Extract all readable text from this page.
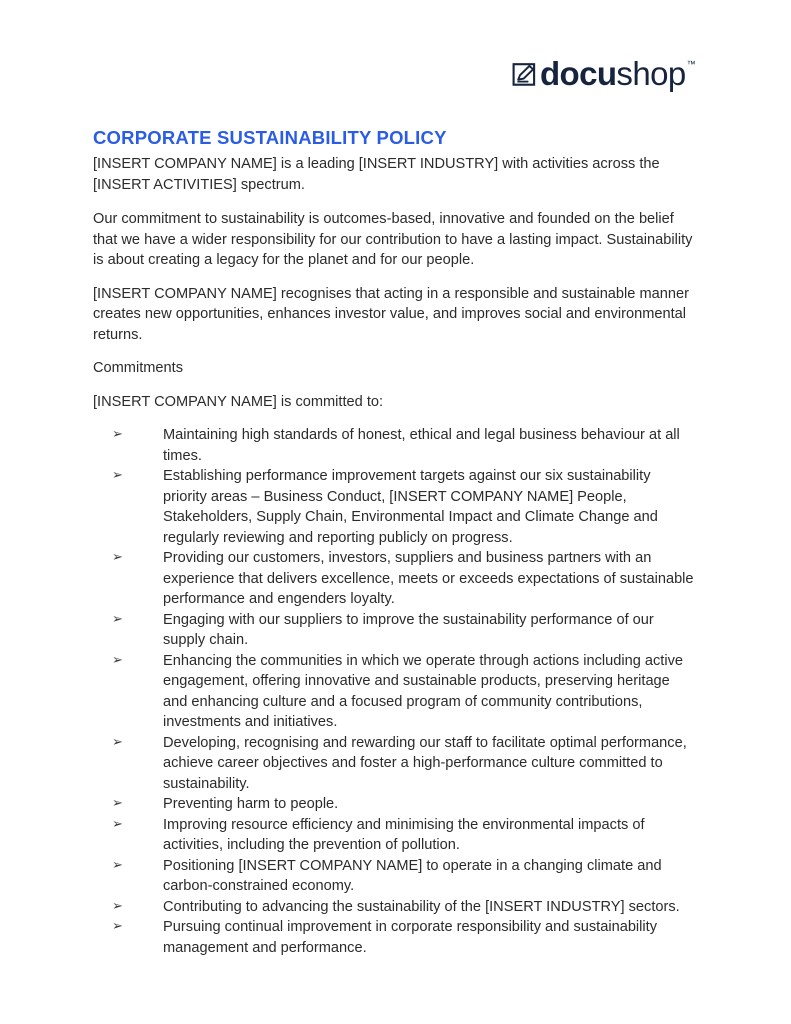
docu shop ™
CORPORATE SUSTAINABILITY POLICY

[INSERT COMPANY NAME] is a leading [INSERT INDUSTRY] with activities across the [INSERT ACTIVITIES] spectrum.

Our commitment to sustainability is outcomes-based, innovative and founded on the belief that we have a wider responsibility for our contribution to have a lasting impact. Sustainability is about creating a legacy for the planet and for our people.

[INSERT COMPANY NAME] recognises that acting in a responsible and sustainable manner creates new opportunities, enhances investor value, and improves social and environmental returns.

Commitments

[INSERT COMPANY NAME] is committed to:

➢	Maintaining high standards of honest, ethical and legal business behaviour at all times.
➢	Establishing performance improvement targets against our six sustainability priority areas – Business Conduct, [INSERT COMPANY NAME] People, Stakeholders, Supply Chain, Environmental Impact and Climate Change and regularly reviewing and reporting publicly on progress.
➢	Providing our customers, investors, suppliers and business partners with an experience that delivers excellence, meets or exceeds expectations of sustainable performance and engenders loyalty.
➢	Engaging with our suppliers to improve the sustainability performance of our supply chain.
➢	Enhancing the communities in which we operate through actions including active engagement, offering innovative and sustainable products, preserving heritage and enhancing culture and a focused program of community contributions, investments and initiatives.
➢	Developing, recognising and rewarding our staff to facilitate optimal performance, achieve career objectives and foster a high-performance culture committed to sustainability.
➢	Preventing harm to people.
➢	Improving resource efficiency and minimising the environmental impacts of activities, including the prevention of pollution.
➢	Positioning [INSERT COMPANY NAME] to operate in a changing climate and carbon-constrained economy.
➢	Contributing to advancing the sustainability of the [INSERT INDUSTRY] sectors.
➢	Pursuing continual improvement in corporate responsibility and sustainability management and performance.
